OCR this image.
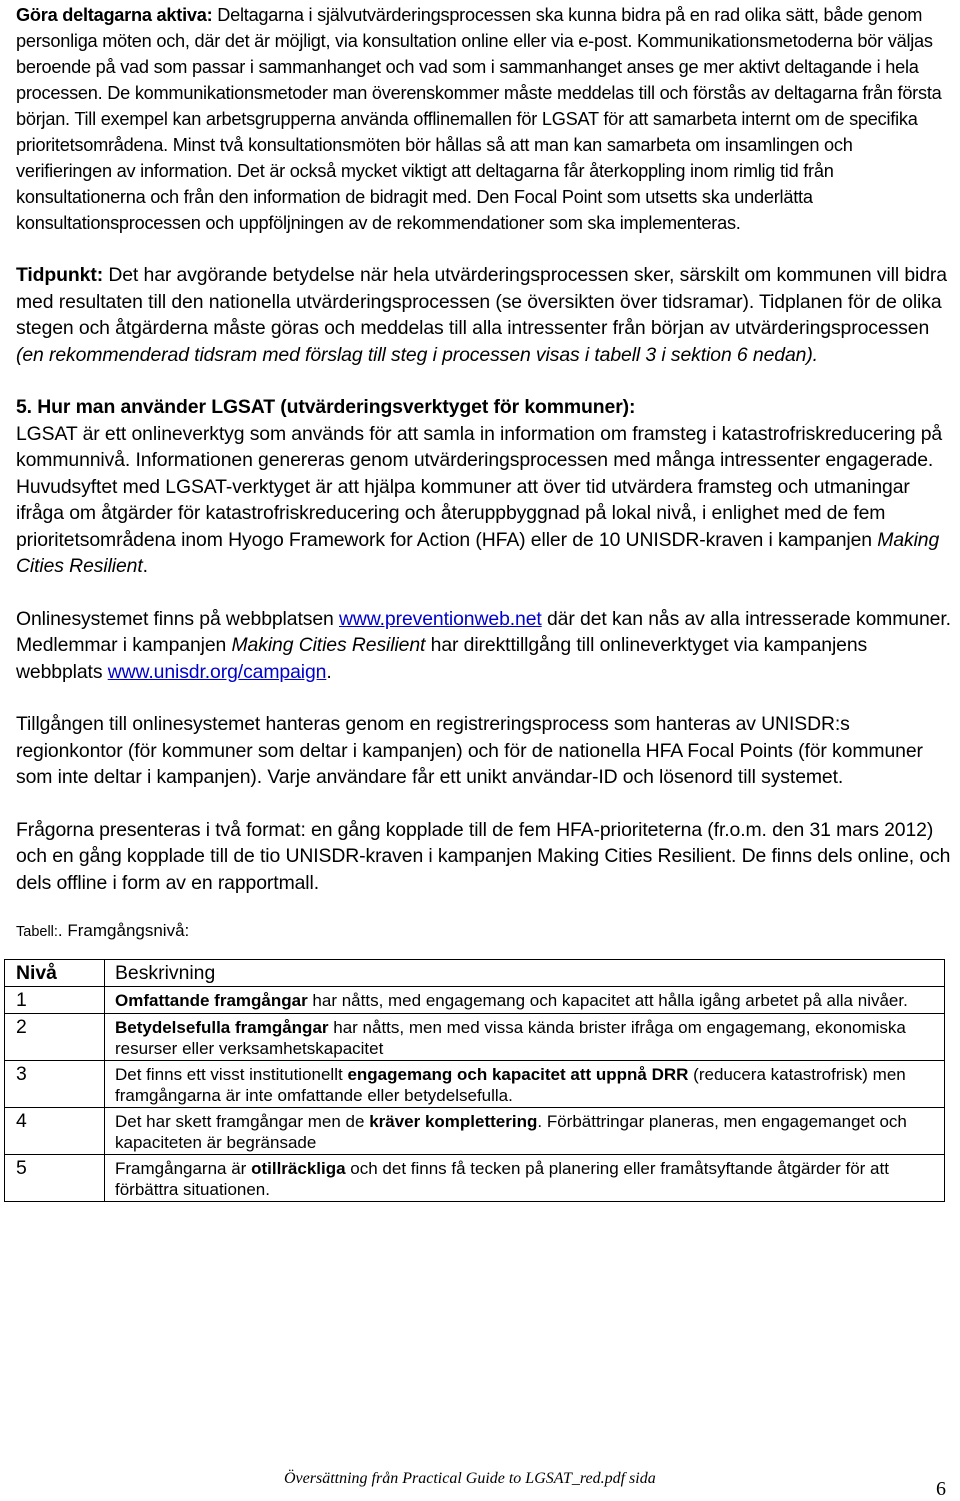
Göra deltagarna aktiva: Deltagarna i självutvärderingsprocessen ska kunna bidra på en rad olika sätt, både genom personliga möten och, där det är möjligt, via konsultation online eller via e-post. Kommunikationsmetoderna bör väljas beroende på vad som passar i sammanhanget och vad som i sammanhanget anses ge mer aktivt deltagande i hela processen. De kommunikationsmetoder man överenskommer måste meddelas till och förstås av deltagarna från första början. Till exempel kan arbetsgrupperna använda offlinemallen för LGSAT för att samarbeta internt om de specifika prioritetsområdena. Minst två konsultationsmöten bör hållas så att man kan samarbeta om insamlingen och verifieringen av information. Det är också mycket viktigt att deltagarna får återkoppling inom rimlig tid från konsultationerna och från den information de bidragit med. Den Focal Point som utsetts ska underlätta konsultationsprocessen och uppföljningen av de rekommendationer som ska implementeras.

Tidpunkt: Det har avgörande betydelse när hela utvärderingsprocessen sker, särskilt om kommunen vill bidra med resultaten till den nationella utvärderingsprocessen (se översikten över tidsramar). Tidplanen för de olika stegen och åtgärderna måste göras och meddelas till alla intressenter från början av utvärderingsprocessen (en rekommenderad tidsram med förslag till steg i processen visas i tabell 3 i sektion 6 nedan).

5. Hur man använder LGSAT (utvärderingsverktyget för kommuner):
LGSAT är ett onlineverktyg som används för att samla in information om framsteg i katastrofriskreducering på kommunnivå. Informationen genereras genom utvärderingsprocessen med många intressenter engagerade. Huvudsyftet med LGSAT-verktyget är att hjälpa kommuner att över tid utvärdera framsteg och utmaningar ifråga om åtgärder för katastrofriskreducering och återuppbyggnad på lokal nivå, i enlighet med de fem prioritetsområdena inom Hyogo Framework for Action (HFA) eller de 10 UNISDR-kraven i kampanjen Making Cities Resilient.

Onlinesystemet finns på webbplatsen www.preventionweb.net där det kan nås av alla intresserade kommuner. Medlemmar i kampanjen Making Cities Resilient har direkttillgång till onlineverktyget via kampanjens webbplats www.unisdr.org/campaign.

Tillgången till onlinesystemet hanteras genom en registreringsprocess som hanteras av UNISDR:s regionkontor (för kommuner som deltar i kampanjen) och för de nationella HFA Focal Points (för kommuner som inte deltar i kampanjen). Varje användare får ett unikt användar-ID och lösenord till systemet.

Frågorna presenteras i två format: en gång kopplade till de fem HFA-prioriteterna (fr.o.m. den 31 mars 2012) och en gång kopplade till de tio UNISDR-kraven i kampanjen Making Cities Resilient. De finns dels online, och dels offline i form av en rapportmall.

Tabell:. Framgångsnivå:

Nivå	Beskrivning
1	Omfattande framgångar har nåtts, med engagemang och kapacitet att hålla igång arbetet på alla nivåer.
2	Betydelsefulla framgångar har nåtts, men med vissa kända brister ifråga om engagemang, ekonomiska resurser eller verksamhetskapacitet
3	Det finns ett visst institutionellt engagemang och kapacitet att uppnå DRR (reducera katastrofrisk) men framgångarna är inte omfattande eller betydelsefulla.
4	Det har skett framgångar men de kräver komplettering. Förbättringar planeras, men engagemanget och kapaciteten är begränsade
5	Framgångarna är otillräckliga och det finns få tecken på planering eller framåtsyftande åtgärder för att förbättra situationen.
Översättning från Practical Guide to LGSAT_red.pdf sida	6
